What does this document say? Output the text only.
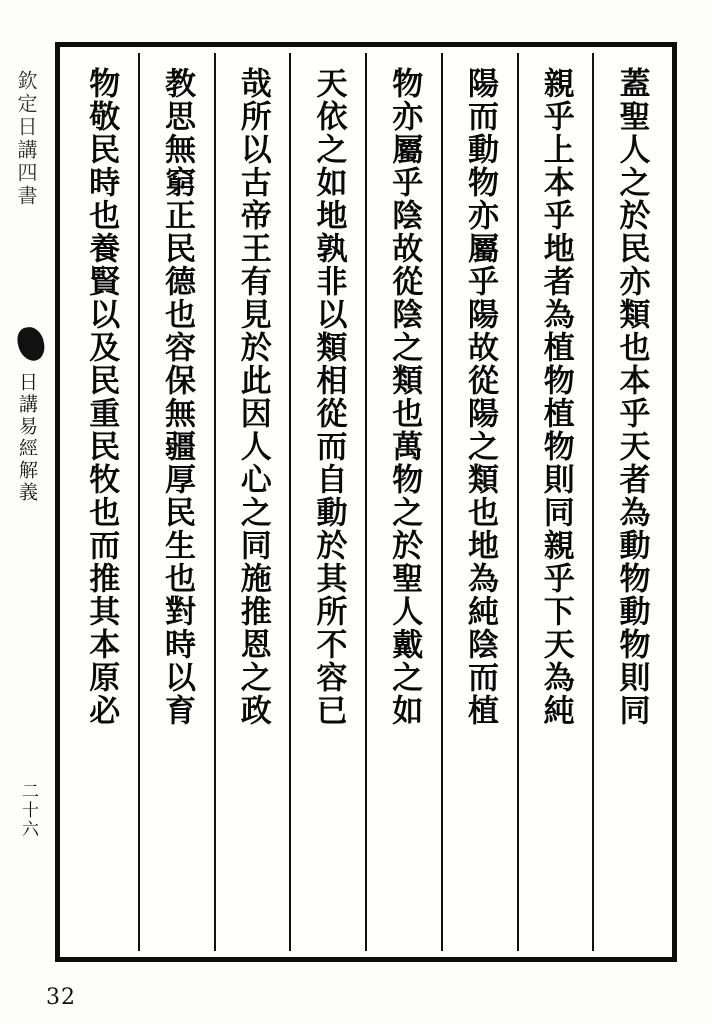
欽定日講四書
日講易經解義
二十六
蓋聖人之於民亦類也本乎天者為動物動物則同
親乎上本乎地者為植物植物則同親乎下天為純
陽而動物亦屬乎陽故從陽之類也地為純陰而植
物亦屬乎陰故從陰之類也萬物之於聖人戴之如
天依之如地孰非以類相從而自動於其所不容已
哉所以古帝王有見於此因人心之同施推恩之政
教思無窮正民德也容保無疆厚民生也對時以育
物敬民時也養賢以及民重民牧也而推其本原必
32
